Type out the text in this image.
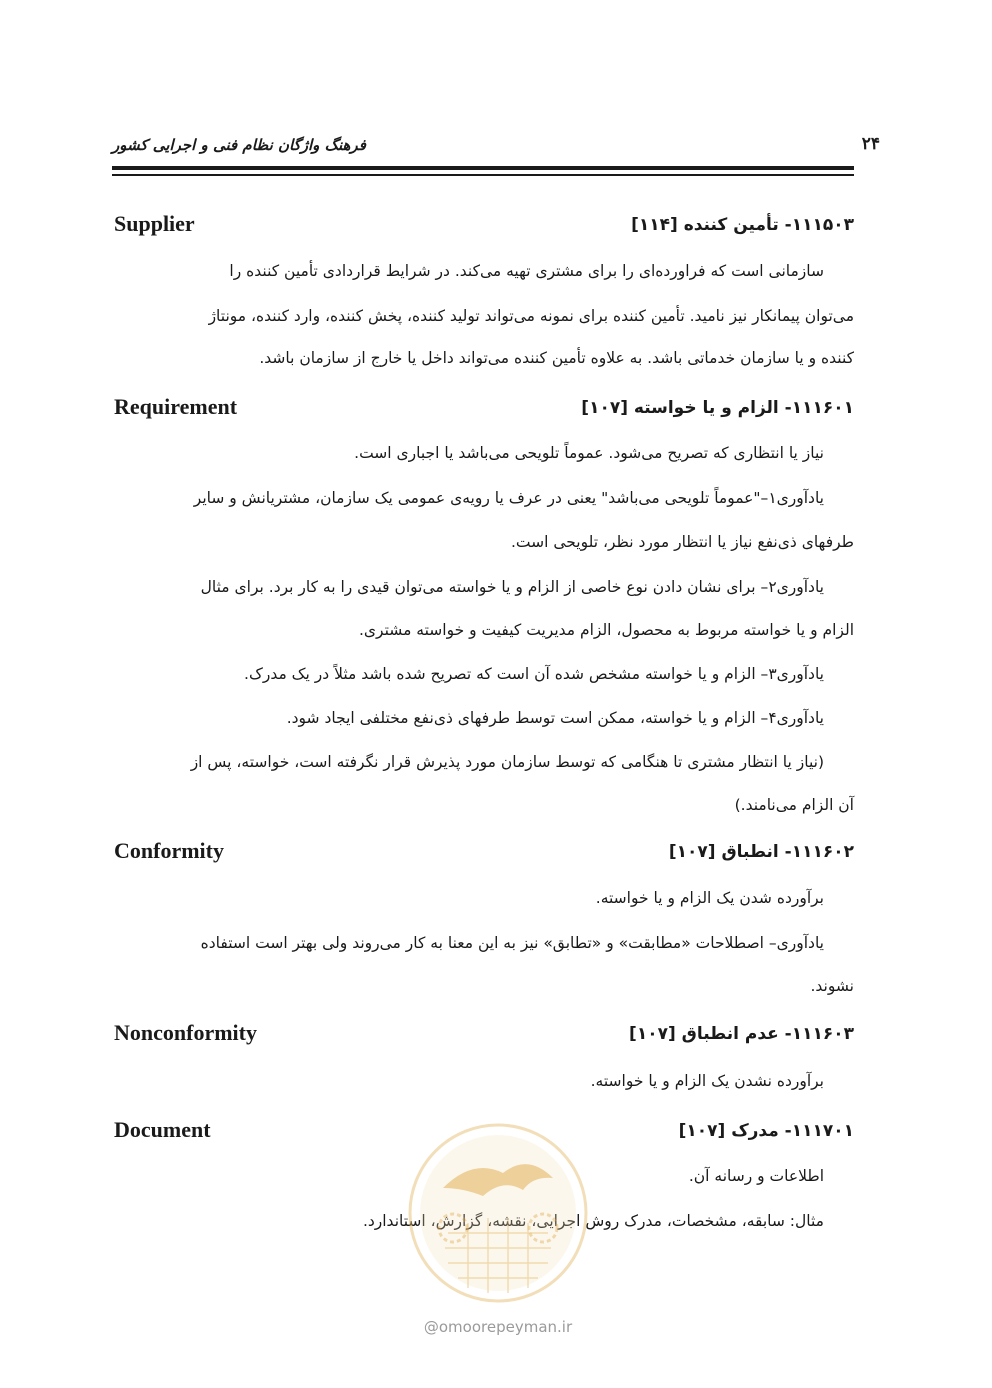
فرهنگ واژگان نظام فنی و اجرایی کشور	۲۴
۱۱۱۵۰۳- تأمین کننده [۱۱۴]
Supplier
سازمانی است که فراورده‌ای را برای مشتری تهیه می‌کند. در شرایط قراردادی تأمین کننده را
می‌توان پیمانکار نیز نامید. تأمین کننده برای نمونه می‌تواند تولید کننده، پخش کننده، وارد کننده، مونتاژ
کننده و یا سازمان خدماتی باشد. به علاوه تأمین کننده می‌تواند داخل یا خارج از سازمان باشد.
۱۱۱۶۰۱- الزام و یا خواسته [۱۰۷]
Requirement
نیاز یا انتظاری که تصریح می‌شود. عموماً تلویحی می‌باشد یا اجباری است.
یادآوری۱–"عموماً تلویحی می‌باشد" یعنی در عرف یا رویه‌ی عمومی یک سازمان، مشتریانش و سایر
طرفهای ذی‌نفع نیاز یا انتظار مورد نظر، تلویحی است.
یادآوری۲– برای نشان دادن نوع خاصی از الزام و یا خواسته می‌توان قیدی را به کار برد. برای مثال
الزام و یا خواسته مربوط به محصول، الزام مدیریت کیفیت و خواسته مشتری.
یادآوری۳– الزام و یا خواسته مشخص شده آن است که تصریح شده باشد مثلاً در یک مدرک.
یادآوری۴– الزام و یا خواسته، ممکن است توسط طرفهای ذی‌نفع مختلفی ایجاد شود.
(نیاز یا انتظار مشتری تا هنگامی که توسط سازمان مورد پذیرش قرار نگرفته است، خواسته، پس از
آن الزام می‌نامند.)
۱۱۱۶۰۲- انطباق [۱۰۷]
Conformity
برآورده شدن یک الزام و یا خواسته.
یادآوری– اصطلاحات «مطابقت» و «تطابق» نیز به این معنا به کار می‌روند ولی بهتر است استفاده
نشوند.
۱۱۱۶۰۳- عدم انطباق [۱۰۷]
Nonconformity
برآورده نشدن یک الزام و یا خواسته.
۱۱۱۷۰۱- مدرک [۱۰۷]
Document
اطلاعات و رسانه آن.
مثال: سابقه، مشخصات، مدرک روش اجرایی، نقشه، گزارش، استاندارد.
@omoorepeyman.ir
